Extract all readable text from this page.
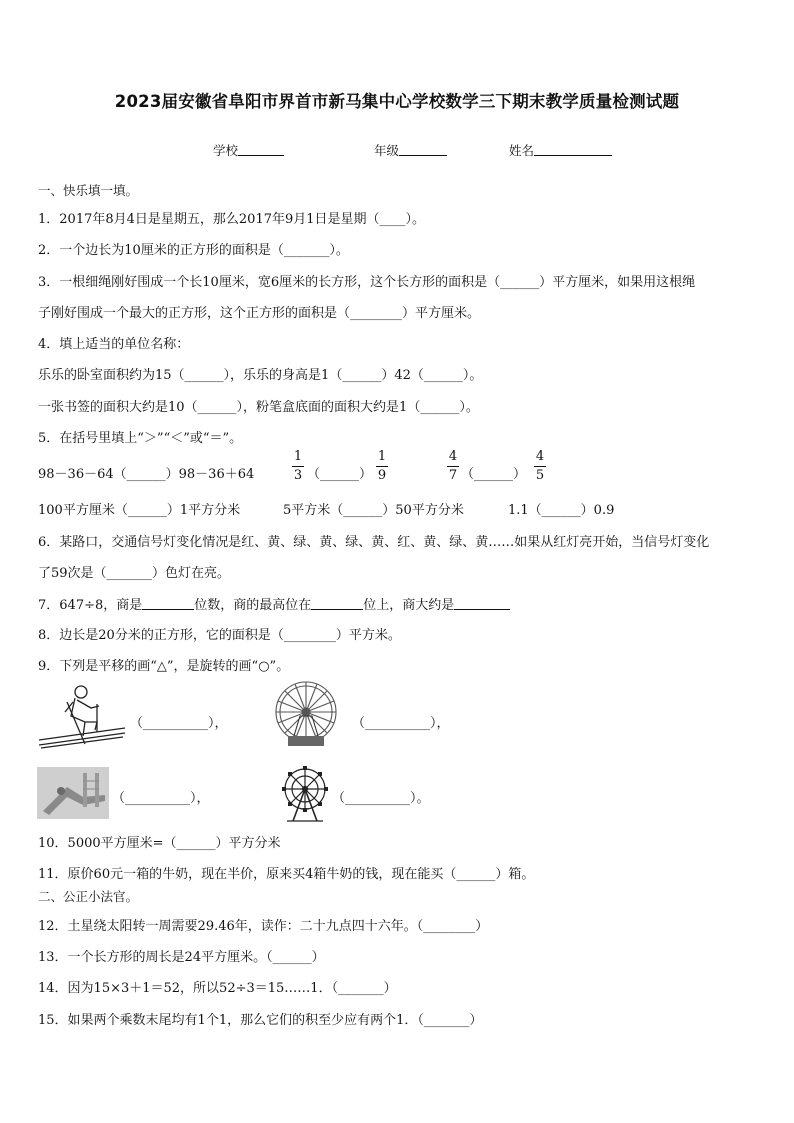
2023届安徽省阜阳市界首市新马集中心学校数学三下期末教学质量检测试题
学校	年级	姓名
一、快乐填一填。
1．2017年8月4日是星期五，那么2017年9月1日是星期（____）。
2．一个边长为10厘米的正方形的面积是（_______）。
3．一根细绳刚好围成一个长10厘米，宽6厘米的长方形，这个长方形的面积是（______）平方厘米，如果用这根绳
子刚好围成一个最大的正方形，这个正方形的面积是（________）平方厘米。
4．填上适当的单位名称：
乐乐的卧室面积约为15（______），乐乐的身高是1（______）42（______）。
一张书签的面积大约是10（______），粉笔盒底面的面积大约是1（______）。
5．在括号里填上“＞”“＜”或“＝”。
98－36－64（______）98－36＋64
1
3 （______）
1
9
4
7 （______）
4
5
100平方厘米（______）1平方分米	5平方米（______）50平方分米	1.1（______）0.9
6．某路口，交通信号灯变化情况是红、黄、绿、黄、绿、黄、红、黄、绿、黄……如果从红灯亮开始，当信号灯变化
了59次是（_______）色灯在亮。
7．647÷8，商是	位数，商的最高位在	位上，商大约是
8．边长是20分米的正方形，它的面积是（________）平方米。
9．下列是平移的画“△”，是旋转的画“○”。
（__________），	（__________），
（__________），	（__________）。
10．5000平方厘米=（______）平方分米
11．原价60元一箱的牛奶，现在半价，原来买4箱牛奶的钱，现在能买（______）箱。
二、公正小法官。
12．土星绕太阳转一周需要29.46年，读作：二十九点四十六年。（________）
13．一个长方形的周长是24平方厘米。（______）
14．因为15×3＋1＝52，所以52÷3＝15……1．（_______）
15．如果两个乘数末尾均有1个1，那么它们的积至少应有两个1．（_______）
